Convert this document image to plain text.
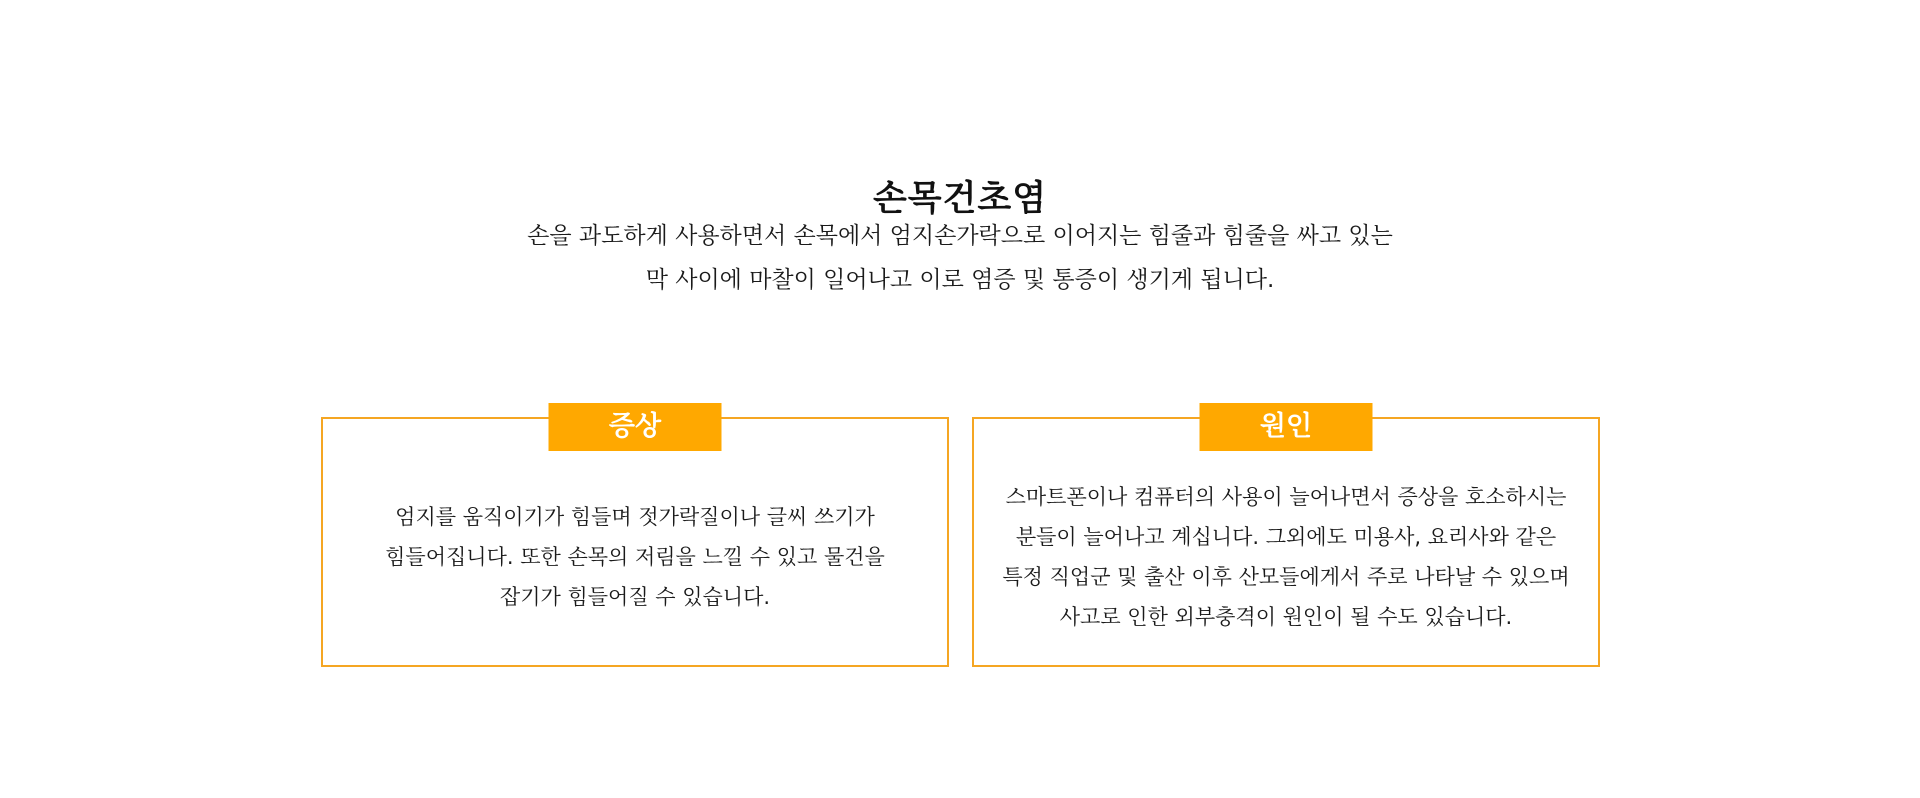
손목건초염
손을 과도하게 사용하면서 손목에서 엄지손가락으로 이어지는 힘줄과 힘줄을 싸고 있는
막 사이에 마찰이 일어나고 이로 염증 및 통증이 생기게 됩니다.
증상
엄지를 움직이기가 힘들며 젓가락질이나 글씨 쓰기가
힘들어집니다. 또한 손목의 저림을 느낄 수 있고 물건을
잡기가 힘들어질 수 있습니다.
원인
스마트폰이나 컴퓨터의 사용이 늘어나면서 증상을 호소하시는
분들이 늘어나고 계십니다. 그외에도 미용사, 요리사와 같은
특정 직업군 및 출산 이후 산모들에게서 주로 나타날 수 있으며
사고로 인한 외부충격이 원인이 될 수도 있습니다.
